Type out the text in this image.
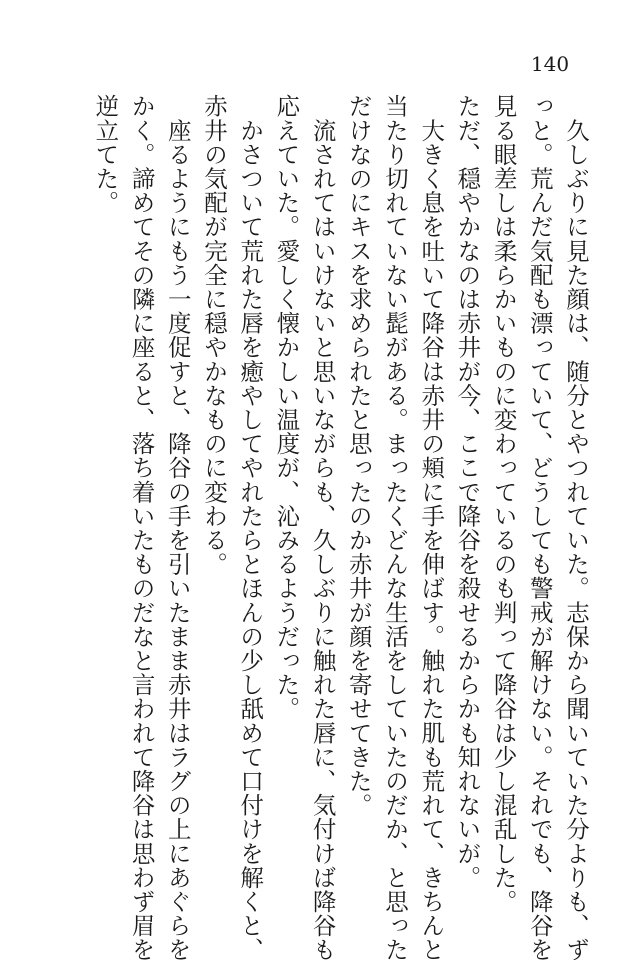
140
　久しぶりに見た顔は、随分とやつれていた。志保から聞いていた分よりも、ず
っと。荒んだ気配も漂っていて、どうしても警戒が解けない。それでも、降谷を
見る眼差しは柔らかいものに変わっているのも判って降谷は少し混乱した。
ただ、穏やかなのは赤井が今、ここで降谷を殺せるからかも知れないが。
　大きく息を吐いて降谷は赤井の頬に手を伸ばす。触れた肌も荒れて、きちんと
当たり切れていない髭がある。まったくどんな生活をしていたのだか、と思った
だけなのにキスを求められたと思ったのか赤井が顔を寄せてきた。
　流されてはいけないと思いながらも、久しぶりに触れた唇に、気付けば降谷も
応えていた。愛しく懐かしい温度が、沁みるようだった。
　かさついて荒れた唇を癒やしてやれたらとほんの少し舐めて口付けを解くと、
赤井の気配が完全に穏やかなものに変わる。
　座るようにもう一度促すと、降谷の手を引いたまま赤井はラグの上にあぐらを
かく。諦めてその隣に座ると、落ち着いたものだなと言われて降谷は思わず眉を
逆立てた。
